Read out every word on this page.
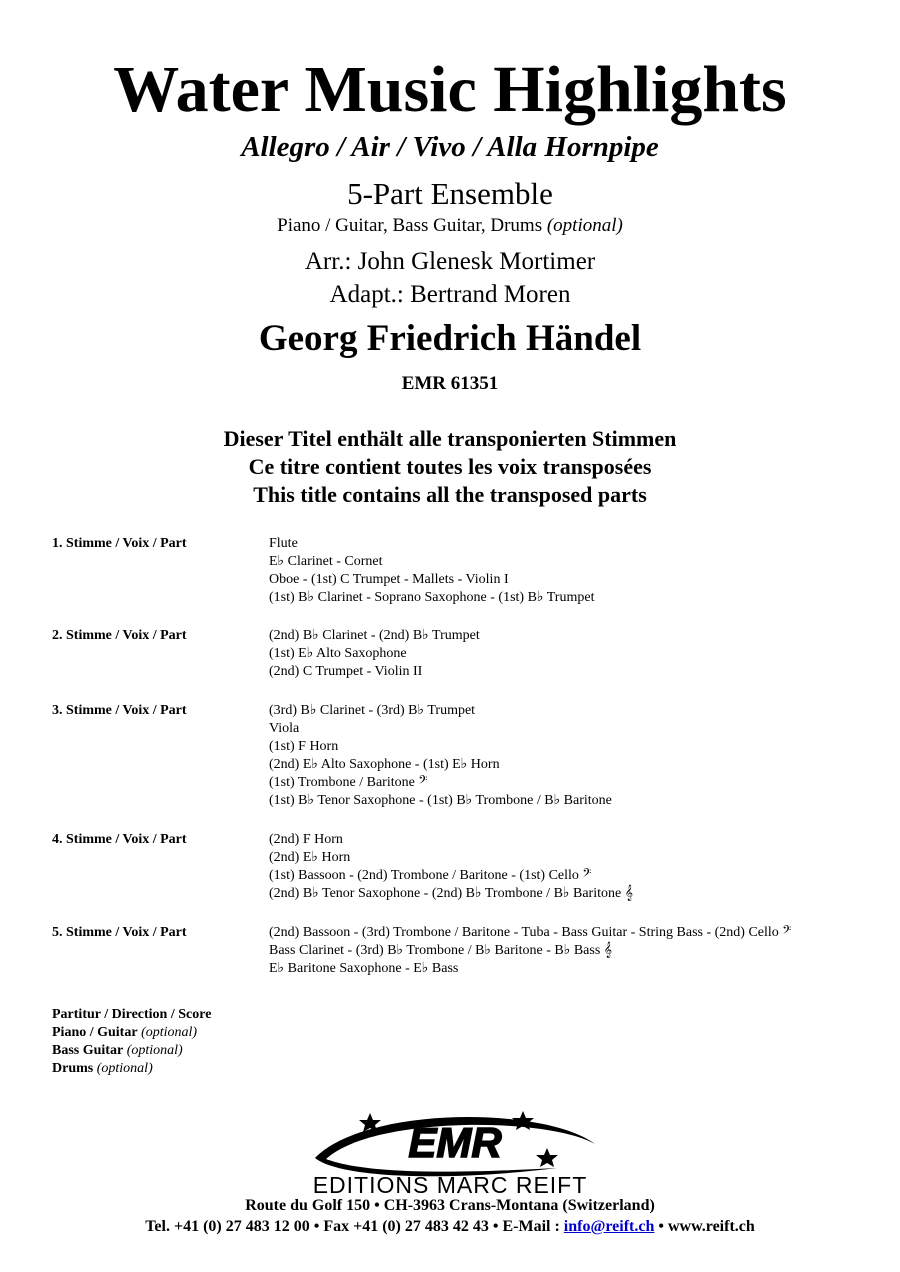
Water Music Highlights
Allegro / Air / Vivo / Alla Hornpipe
5-Part Ensemble
Piano / Guitar, Bass Guitar, Drums (optional)
Arr.: John Glenesk Mortimer
Adapt.: Bertrand Moren
Georg Friedrich Händel
EMR 61351
Dieser Titel enthält alle transponierten Stimmen
Ce titre contient toutes les voix transposées
This title contains all the transposed parts
1. Stimme / Voix / Part	Flute
E♭ Clarinet - Cornet
Oboe - (1st) C Trumpet - Mallets - Violin I
(1st) B♭ Clarinet - Soprano Saxophone - (1st) B♭ Trumpet
2. Stimme / Voix / Part	(2nd) B♭ Clarinet - (2nd) B♭ Trumpet
(1st) E♭ Alto Saxophone
(2nd) C Trumpet - Violin II
3. Stimme / Voix / Part	(3rd) B♭ Clarinet - (3rd) B♭ Trumpet
Viola
(1st) F Horn
(2nd) E♭ Alto Saxophone - (1st) E♭ Horn
(1st) Trombone / Baritone 𝄢
(1st) B♭ Tenor Saxophone - (1st) B♭ Trombone / B♭ Baritone
4. Stimme / Voix / Part	(2nd) F Horn
(2nd) E♭ Horn
(1st) Bassoon - (2nd) Trombone / Baritone - (1st) Cello 𝄢
(2nd) B♭ Tenor Saxophone - (2nd) B♭ Trombone / B♭ Baritone 𝄞
5. Stimme / Voix / Part	(2nd) Bassoon - (3rd) Trombone / Baritone - Tuba - Bass Guitar - String Bass - (2nd) Cello 𝄢
Bass Clarinet - (3rd) B♭ Trombone / B♭ Baritone - B♭ Bass 𝄞
E♭ Baritone Saxophone - E♭ Bass
Partitur / Direction / Score
Piano / Guitar (optional)
Bass Guitar (optional)
Drums (optional)
EMR
EDITIONS MARC REIFT
Route du Golf 150 • CH-3963 Crans-Montana (Switzerland)
Tel. +41 (0) 27 483 12 00 • Fax +41 (0) 27 483 42 43 • E-Mail : info@reift.ch • www.reift.ch
